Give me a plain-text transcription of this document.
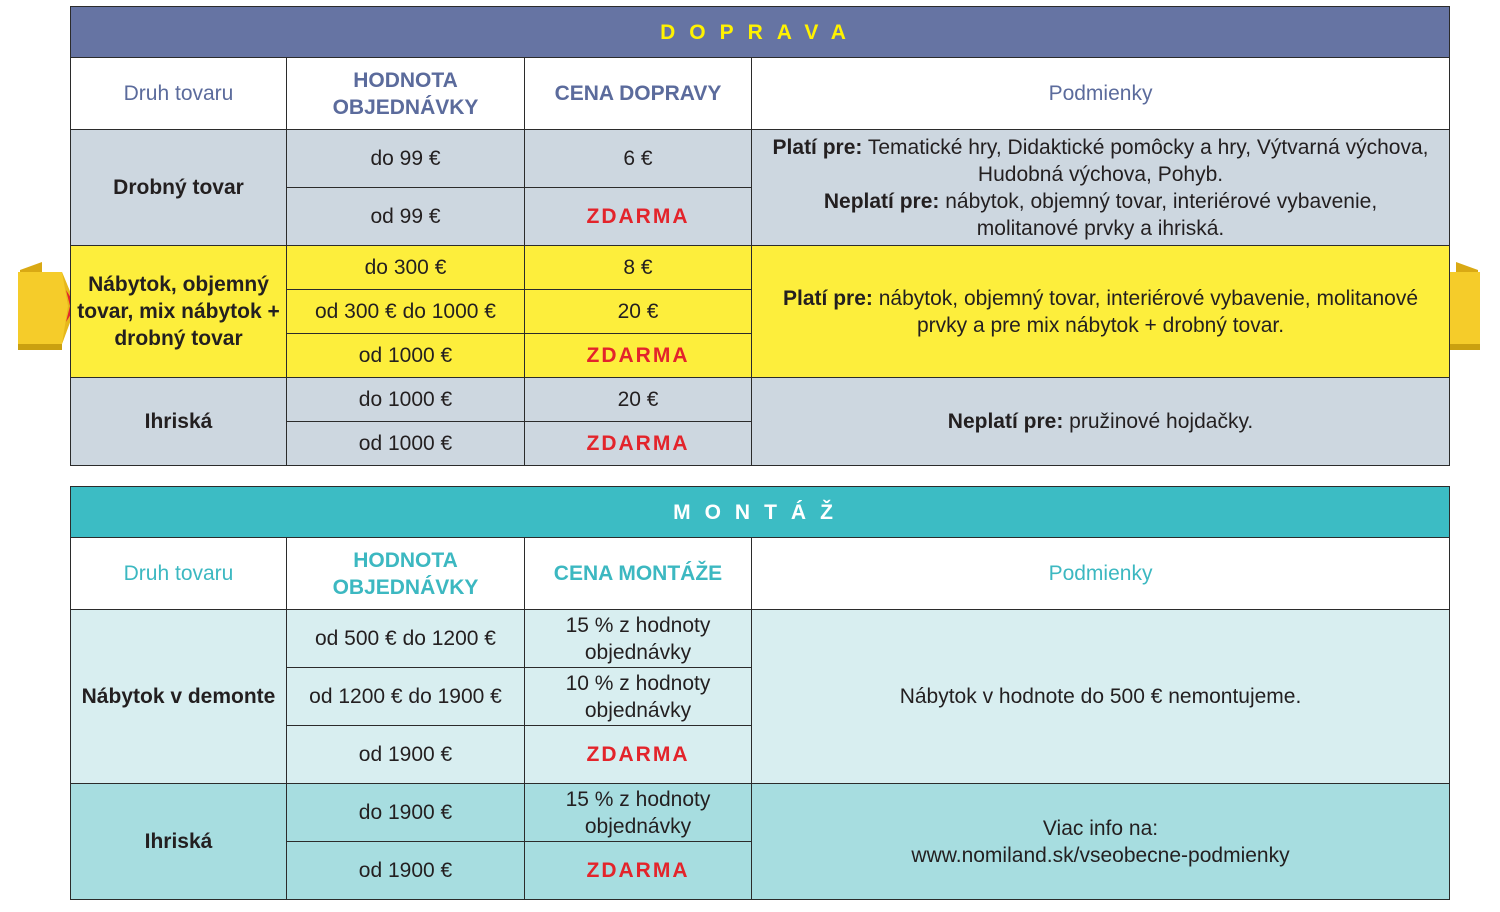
DOPRAVA			
Druh tovaru	HODNOTA OBJEDNÁVKY	CENA DOPRAVY	Podmienky
Drobný tovar	do 99 €	6 €	Platí pre: Tematické hry, Didaktické pomôcky a hry, Výtvarná výchova, Hudobná výchova, Pohyb.
Neplatí pre: nábytok, objemný tovar, interiérové vybavenie, molitanové prvky a ihriská.
	od 99 €	ZDARMA	
Nábytok, objemný tovar, mix nábytok + drobný tovar	do 300 €	8 €	Platí pre: nábytok, objemný tovar, interiérové vybavenie, molitanové prvky a pre mix nábytok + drobný tovar.
	od 300 € do 1000 €	20 €	
	od 1000 €	ZDARMA	
Ihriská	do 1000 €	20 €	Neplatí pre: pružinové hojdačky.
	od 1000 €	ZDARMA	
MONTÁŽ			
Druh tovaru	HODNOTA OBJEDNÁVKY	CENA MONTÁŽE	Podmienky
Nábytok v demonte	od 500 € do 1200 €	15 % z hodnoty objednávky	Nábytok v hodnote do 500 € nemontujeme.
	od 1200 € do 1900 €	10 % z hodnoty objednávky	
	od 1900 €	ZDARMA	
Ihriská	do 1900 €	15 % z hodnoty objednávky	Viac info na:
www.nomiland.sk/vseobecne-podmienky
	od 1900 €	ZDARMA	
